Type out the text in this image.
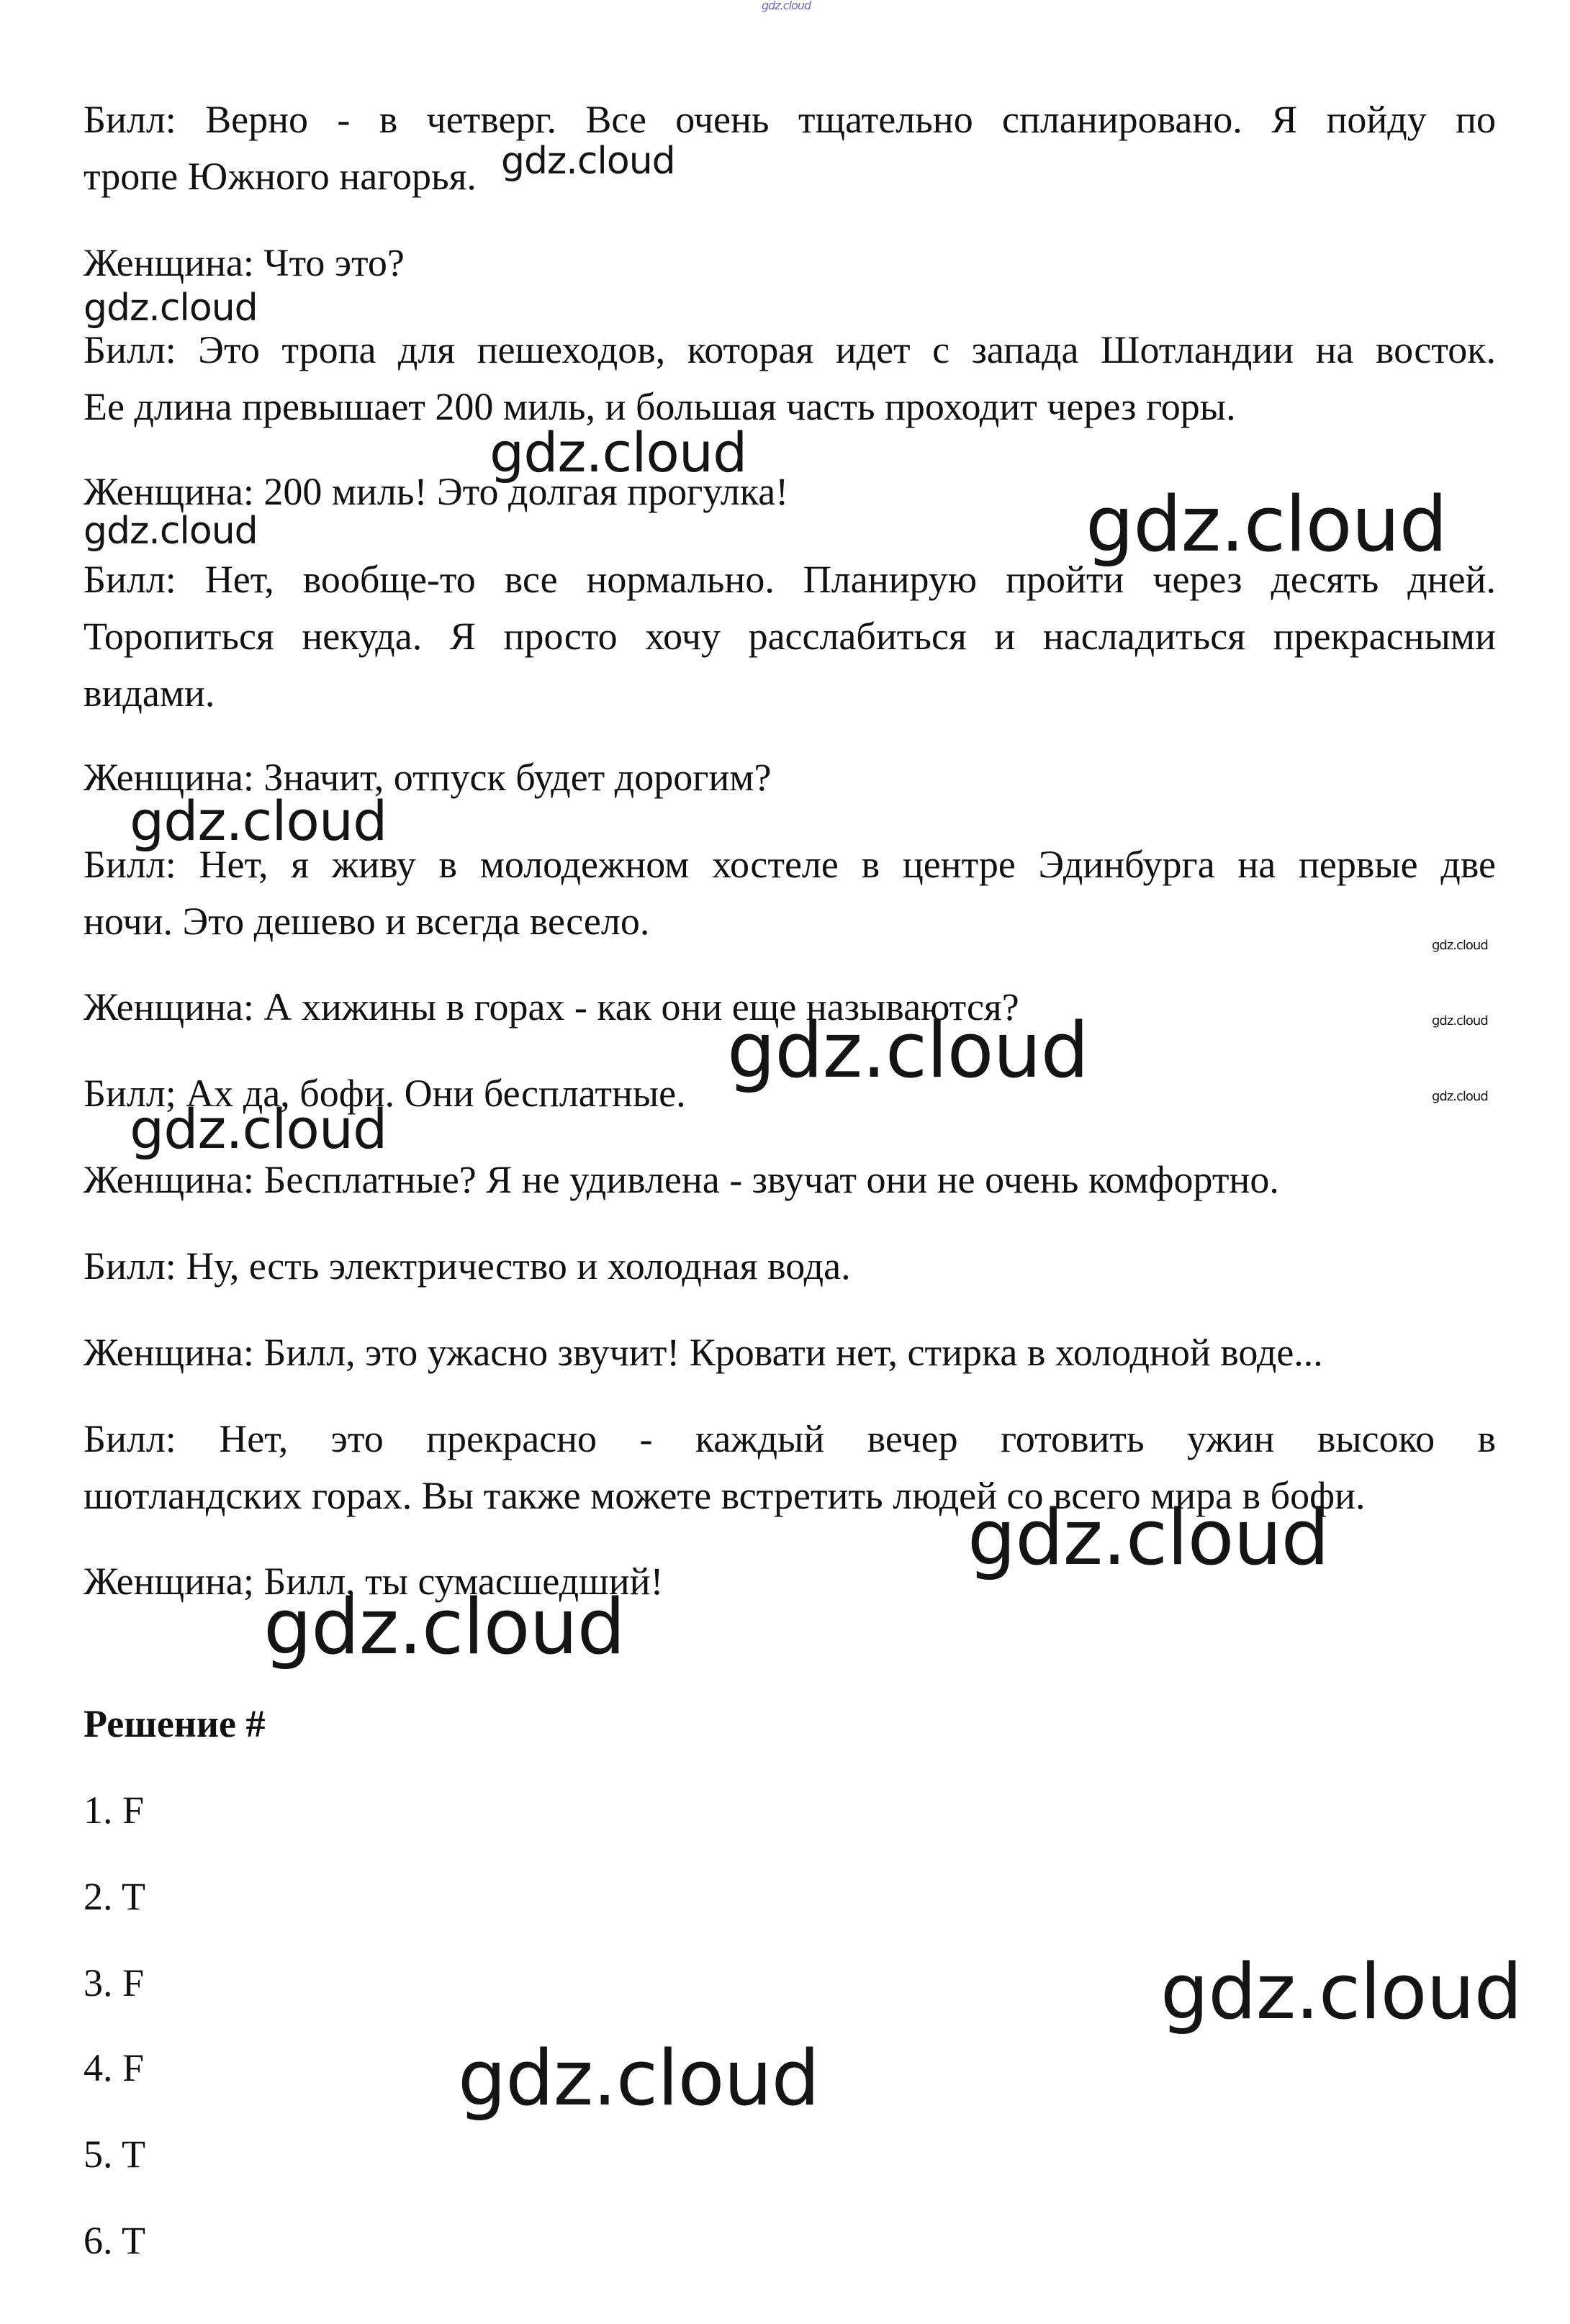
gdz.cloud

Билл: Верно - в четверг. Все очень тщательно спланировано. Я пойду по
тропе Южного нагорья.

Женщина: Что это?

Билл: Это тропа для пешеходов, которая идет с запада Шотландии на восток.
Ее длина превышает 200 миль, и большая часть проходит через горы.

Женщина: 200 миль! Это долгая прогулка!

Билл: Нет, вообще-то все нормально. Планирую пройти через десять дней.
Торопиться некуда. Я просто хочу расслабиться и насладиться прекрасными
видами.

Женщина: Значит, отпуск будет дорогим?

Билл: Нет, я живу в молодежном хостеле в центре Эдинбурга на первые две
ночи. Это дешево и всегда весело.

Женщина: А хижины в горах - как они еще называются?

Билл; Ах да, бофи. Они бесплатные.

Женщина: Бесплатные? Я не удивлена - звучат они не очень комфортно.

Билл: Ну, есть электричество и холодная вода.

Женщина: Билл, это ужасно звучит! Кровати нет, стирка в холодной воде...

Билл: Нет, это прекрасно - каждый вечер готовить ужин высоко в
шотландских горах. Вы также можете встретить людей со всего мира в бофи.

Женщина; Билл, ты сумасшедший!

Решение #

1. F

2. T

3. F

4. F

5. T

6. T

gdz.cloud
gdz.cloud
gdz.cloud
gdz.cloud	gdz.cloud
gdz.cloud
gdz.cloud
gdz.cloud
gdz.cloud
gdz.cloud
gdz.cloud
gdz.cloud
gdz.cloud
gdz.cloud
gdz.cloud
